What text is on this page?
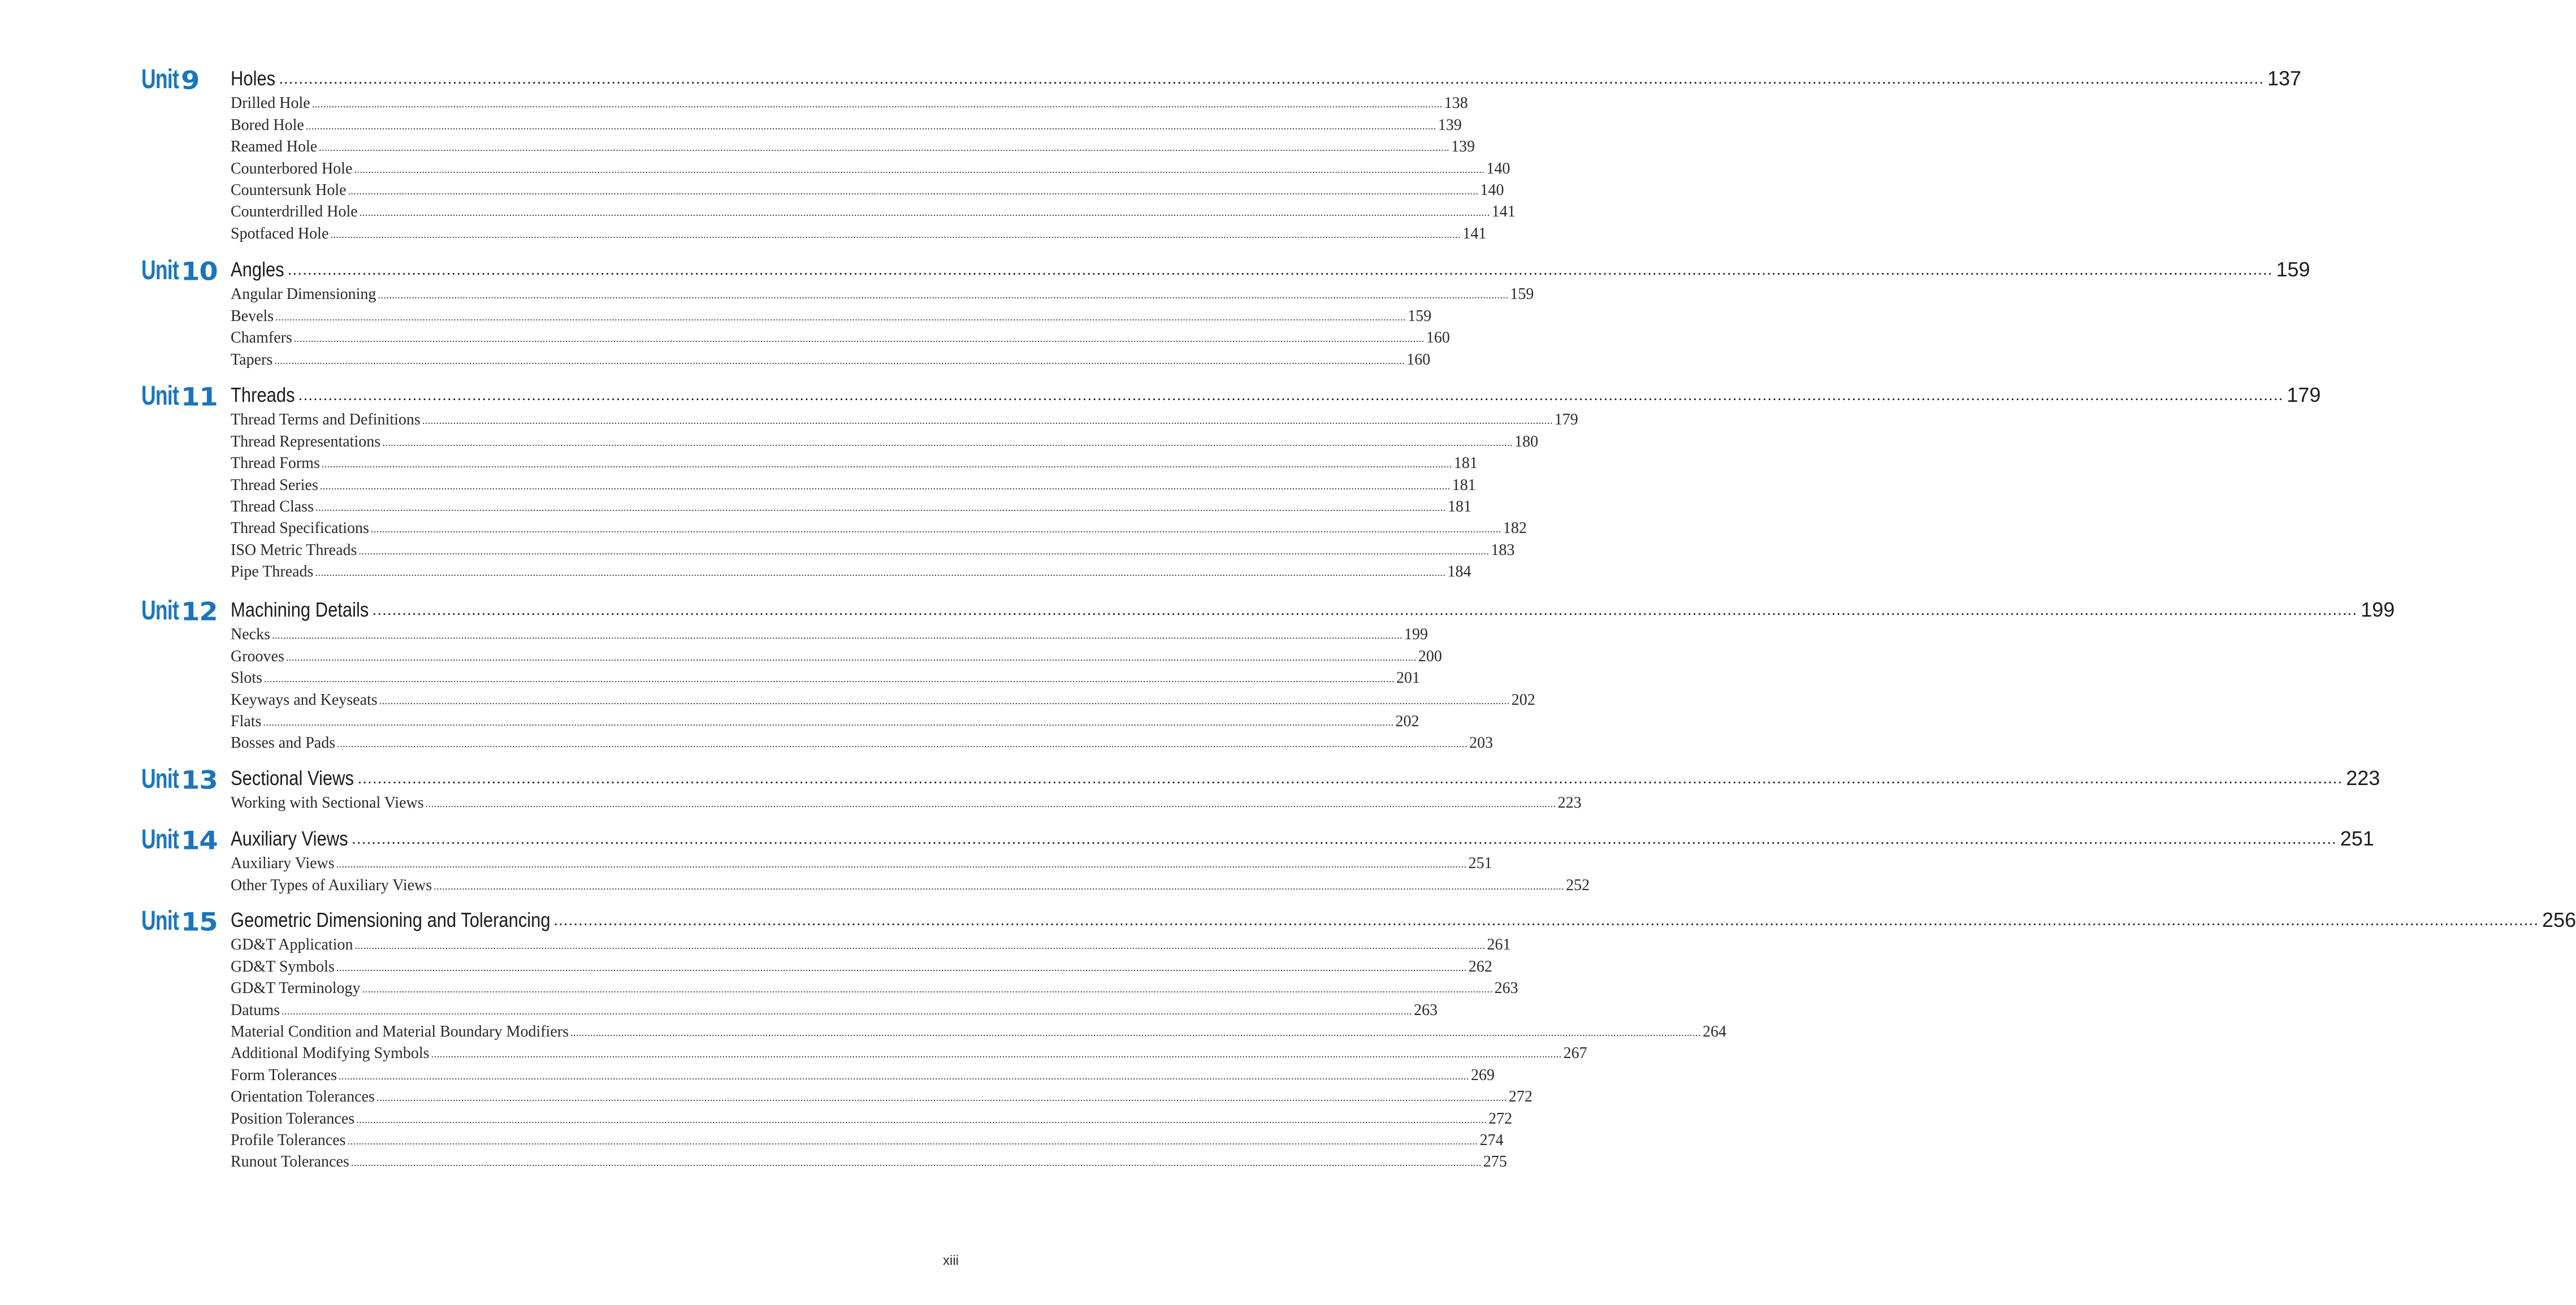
Unit 9 Holes ................................................................................................................................................................................................................................................................................................................................................................................................................ 137
Drilled Hole ................................................................................................................................................................................................................................................................................................................................................................................................................ 138
Bored Hole ................................................................................................................................................................................................................................................................................................................................................................................................................ 139
Reamed Hole ................................................................................................................................................................................................................................................................................................................................................................................................................ 139
Counterbored Hole ................................................................................................................................................................................................................................................................................................................................................................................................................ 140
Countersunk Hole ................................................................................................................................................................................................................................................................................................................................................................................................................ 140
Counterdrilled Hole ................................................................................................................................................................................................................................................................................................................................................................................................................ 141
Spotfaced Hole ................................................................................................................................................................................................................................................................................................................................................................................................................ 141
Unit 10 Angles ................................................................................................................................................................................................................................................................................................................................................................................................................ 159
Angular Dimensioning ................................................................................................................................................................................................................................................................................................................................................................................................................ 159
Bevels ................................................................................................................................................................................................................................................................................................................................................................................................................ 159
Chamfers ................................................................................................................................................................................................................................................................................................................................................................................................................ 160
Tapers ................................................................................................................................................................................................................................................................................................................................................................................................................ 160
Unit 11 Threads ................................................................................................................................................................................................................................................................................................................................................................................................................ 179
Thread Terms and Definitions ................................................................................................................................................................................................................................................................................................................................................................................................................ 179
Thread Representations ................................................................................................................................................................................................................................................................................................................................................................................................................ 180
Thread Forms ................................................................................................................................................................................................................................................................................................................................................................................................................ 181
Thread Series ................................................................................................................................................................................................................................................................................................................................................................................................................ 181
Thread Class ................................................................................................................................................................................................................................................................................................................................................................................................................ 181
Thread Specifications ................................................................................................................................................................................................................................................................................................................................................................................................................ 182
ISO Metric Threads ................................................................................................................................................................................................................................................................................................................................................................................................................ 183
Pipe Threads ................................................................................................................................................................................................................................................................................................................................................................................................................ 184
Unit 12 Machining Details ................................................................................................................................................................................................................................................................................................................................................................................................................ 199
Necks ................................................................................................................................................................................................................................................................................................................................................................................................................ 199
Grooves ................................................................................................................................................................................................................................................................................................................................................................................................................ 200
Slots ................................................................................................................................................................................................................................................................................................................................................................................................................ 201
Keyways and Keyseats ................................................................................................................................................................................................................................................................................................................................................................................................................ 202
Flats ................................................................................................................................................................................................................................................................................................................................................................................................................ 202
Bosses and Pads ................................................................................................................................................................................................................................................................................................................................................................................................................ 203
Unit 13 Sectional Views ................................................................................................................................................................................................................................................................................................................................................................................................................ 223
Working with Sectional Views ................................................................................................................................................................................................................................................................................................................................................................................................................ 223
Unit 14 Auxiliary Views ................................................................................................................................................................................................................................................................................................................................................................................................................ 251
Auxiliary Views ................................................................................................................................................................................................................................................................................................................................................................................................................ 251
Other Types of Auxiliary Views ................................................................................................................................................................................................................................................................................................................................................................................................................ 252
Unit 15 Geometric Dimensioning and Tolerancing ................................................................................................................................................................................................................................................................................................................................................................................................................ 256
GD&T Application ................................................................................................................................................................................................................................................................................................................................................................................................................ 261
GD&T Symbols ................................................................................................................................................................................................................................................................................................................................................................................................................ 262
GD&T Terminology ................................................................................................................................................................................................................................................................................................................................................................................................................ 263
Datums ................................................................................................................................................................................................................................................................................................................................................................................................................ 263
Material Condition and Material Boundary Modifiers ................................................................................................................................................................................................................................................................................................................................................................................................................ 264
Additional Modifying Symbols ................................................................................................................................................................................................................................................................................................................................................................................................................ 267
Form Tolerances ................................................................................................................................................................................................................................................................................................................................................................................................................ 269
Orientation Tolerances ................................................................................................................................................................................................................................................................................................................................................................................................................ 272
Position Tolerances ................................................................................................................................................................................................................................................................................................................................................................................................................ 272
Profile Tolerances ................................................................................................................................................................................................................................................................................................................................................................................................................ 274
Runout Tolerances ................................................................................................................................................................................................................................................................................................................................................................................................................ 275
xiii
